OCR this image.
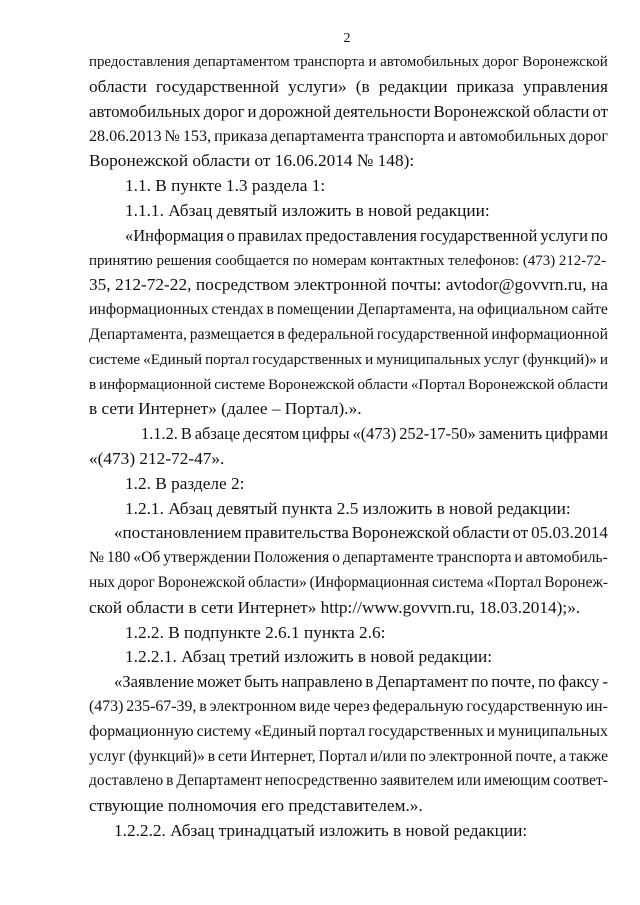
2
предоставления департаментом транспорта и автомобильных дорог Воронежской
области государственной услуги» (в редакции приказа управления
автомобильных дорог и дорожной деятельности Воронежской области от
28.06.2013 № 153, приказа департамента транспорта и автомобильных дорог
Воронежской области от 16.06.2014 № 148):
1.1. В пункте 1.3 раздела 1:
1.1.1. Абзац девятый изложить в новой редакции:
«Информация о правилах предоставления государственной услуги по
принятию решения сообщается по номерам контактных телефонов: (473) 212-72-
35, 212-72-22, посредством электронной почты: avtodor@govvrn.ru, на
информационных стендах в помещении Департамента, на официальном сайте
Департамента, размещается в федеральной государственной информационной
системе «Единый портал государственных и муниципальных услуг (функций)» и
в информационной системе Воронежской области «Портал Воронежской области
в сети Интернет» (далее – Портал).».
1.1.2. В абзаце десятом цифры «(473) 252-17-50» заменить цифрами
«(473) 212-72-47».
1.2. В разделе 2:
1.2.1. Абзац девятый пункта 2.5 изложить в новой редакции:
«постановлением правительства Воронежской области от 05.03.2014
№ 180 «Об утверждении Положения о департаменте транспорта и автомобиль-
ных дорог Воронежской области» (Информационная система «Портал Воронеж-
ской области в сети Интернет» http://www.govvrn.ru, 18.03.2014);».
1.2.2. В подпункте 2.6.1 пункта 2.6:
1.2.2.1. Абзац третий изложить в новой редакции:
«Заявление может быть направлено в Департамент по почте, по факсу -
(473) 235-67-39, в электронном виде через федеральную государственную ин-
формационную систему «Единый портал государственных и муниципальных
услуг (функций)» в сети Интернет, Портал и/или по электронной почте, а также
доставлено в Департамент непосредственно заявителем или имеющим соответ-
ствующие полномочия его представителем.».
1.2.2.2. Абзац тринадцатый изложить в новой редакции:
